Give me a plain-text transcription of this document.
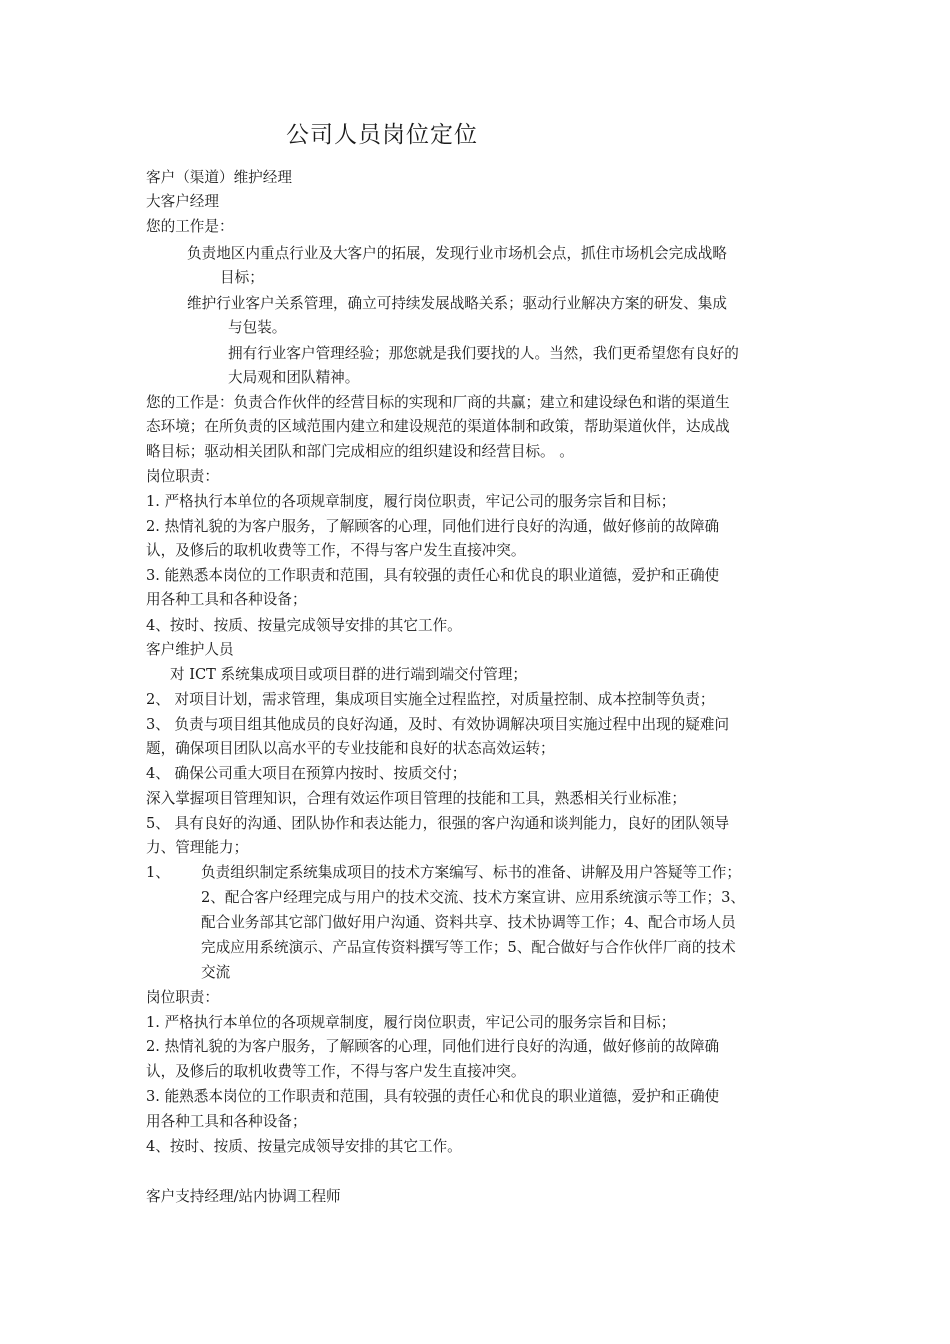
公司人员岗位定位
客户（渠道）维护经理
大客户经理
您的工作是：
负责地区内重点行业及大客户的拓展，发现行业市场机会点，抓住市场机会完成战略
目标；
维护行业客户关系管理，确立可持续发展战略关系；驱动行业解决方案的研发、集成
与包装。
拥有行业客户管理经验；那您就是我们要找的人。当然，我们更希望您有良好的
大局观和团队精神。
您的工作是：负责合作伙伴的经营目标的实现和厂商的共赢；建立和建设绿色和谐的渠道生
态环境；在所负责的区域范围内建立和建设规范的渠道体制和政策，帮助渠道伙伴，达成战
略目标；驱动相关团队和部门完成相应的组织建设和经营目标。 。
岗位职责：
1. 严格执行本单位的各项规章制度，履行岗位职责，牢记公司的服务宗旨和目标；
2. 热情礼貌的为客户服务，了解顾客的心理，同他们进行良好的沟通，做好修前的故障确
认，及修后的取机收费等工作，不得与客户发生直接冲突。
3. 能熟悉本岗位的工作职责和范围，具有较强的责任心和优良的职业道德，爱护和正确使
用各种工具和各种设备；
4、按时、按质、按量完成领导安排的其它工作。
客户维护人员
对 ICT 系统集成项目或项目群的进行端到端交付管理；
2、 对项目计划，需求管理，集成项目实施全过程监控，对质量控制、成本控制等负责；
3、 负责与项目组其他成员的良好沟通，及时、有效协调解决项目实施过程中出现的疑难问
题，确保项目团队以高水平的专业技能和良好的状态高效运转；
4、 确保公司重大项目在预算内按时、按质交付；
深入掌握项目管理知识，合理有效运作项目管理的技能和工具，熟悉相关行业标准；
5、 具有良好的沟通、团队协作和表达能力，很强的客户沟通和谈判能力，良好的团队领导
力、管理能力；
1、 负责组织制定系统集成项目的技术方案编写、标书的准备、讲解及用户答疑等工作；
2、配合客户经理完成与用户的技术交流、技术方案宣讲、应用系统演示等工作；3、
配合业务部其它部门做好用户沟通、资料共享、技术协调等工作；4、配合市场人员
完成应用系统演示、产品宣传资料撰写等工作；5、配合做好与合作伙伴厂商的技术
交流
岗位职责：
1. 严格执行本单位的各项规章制度，履行岗位职责，牢记公司的服务宗旨和目标；
2. 热情礼貌的为客户服务，了解顾客的心理，同他们进行良好的沟通，做好修前的故障确
认，及修后的取机收费等工作，不得与客户发生直接冲突。
3. 能熟悉本岗位的工作职责和范围，具有较强的责任心和优良的职业道德，爱护和正确使
用各种工具和各种设备；
4、按时、按质、按量完成领导安排的其它工作。
客户支持经理/站内协调工程师
